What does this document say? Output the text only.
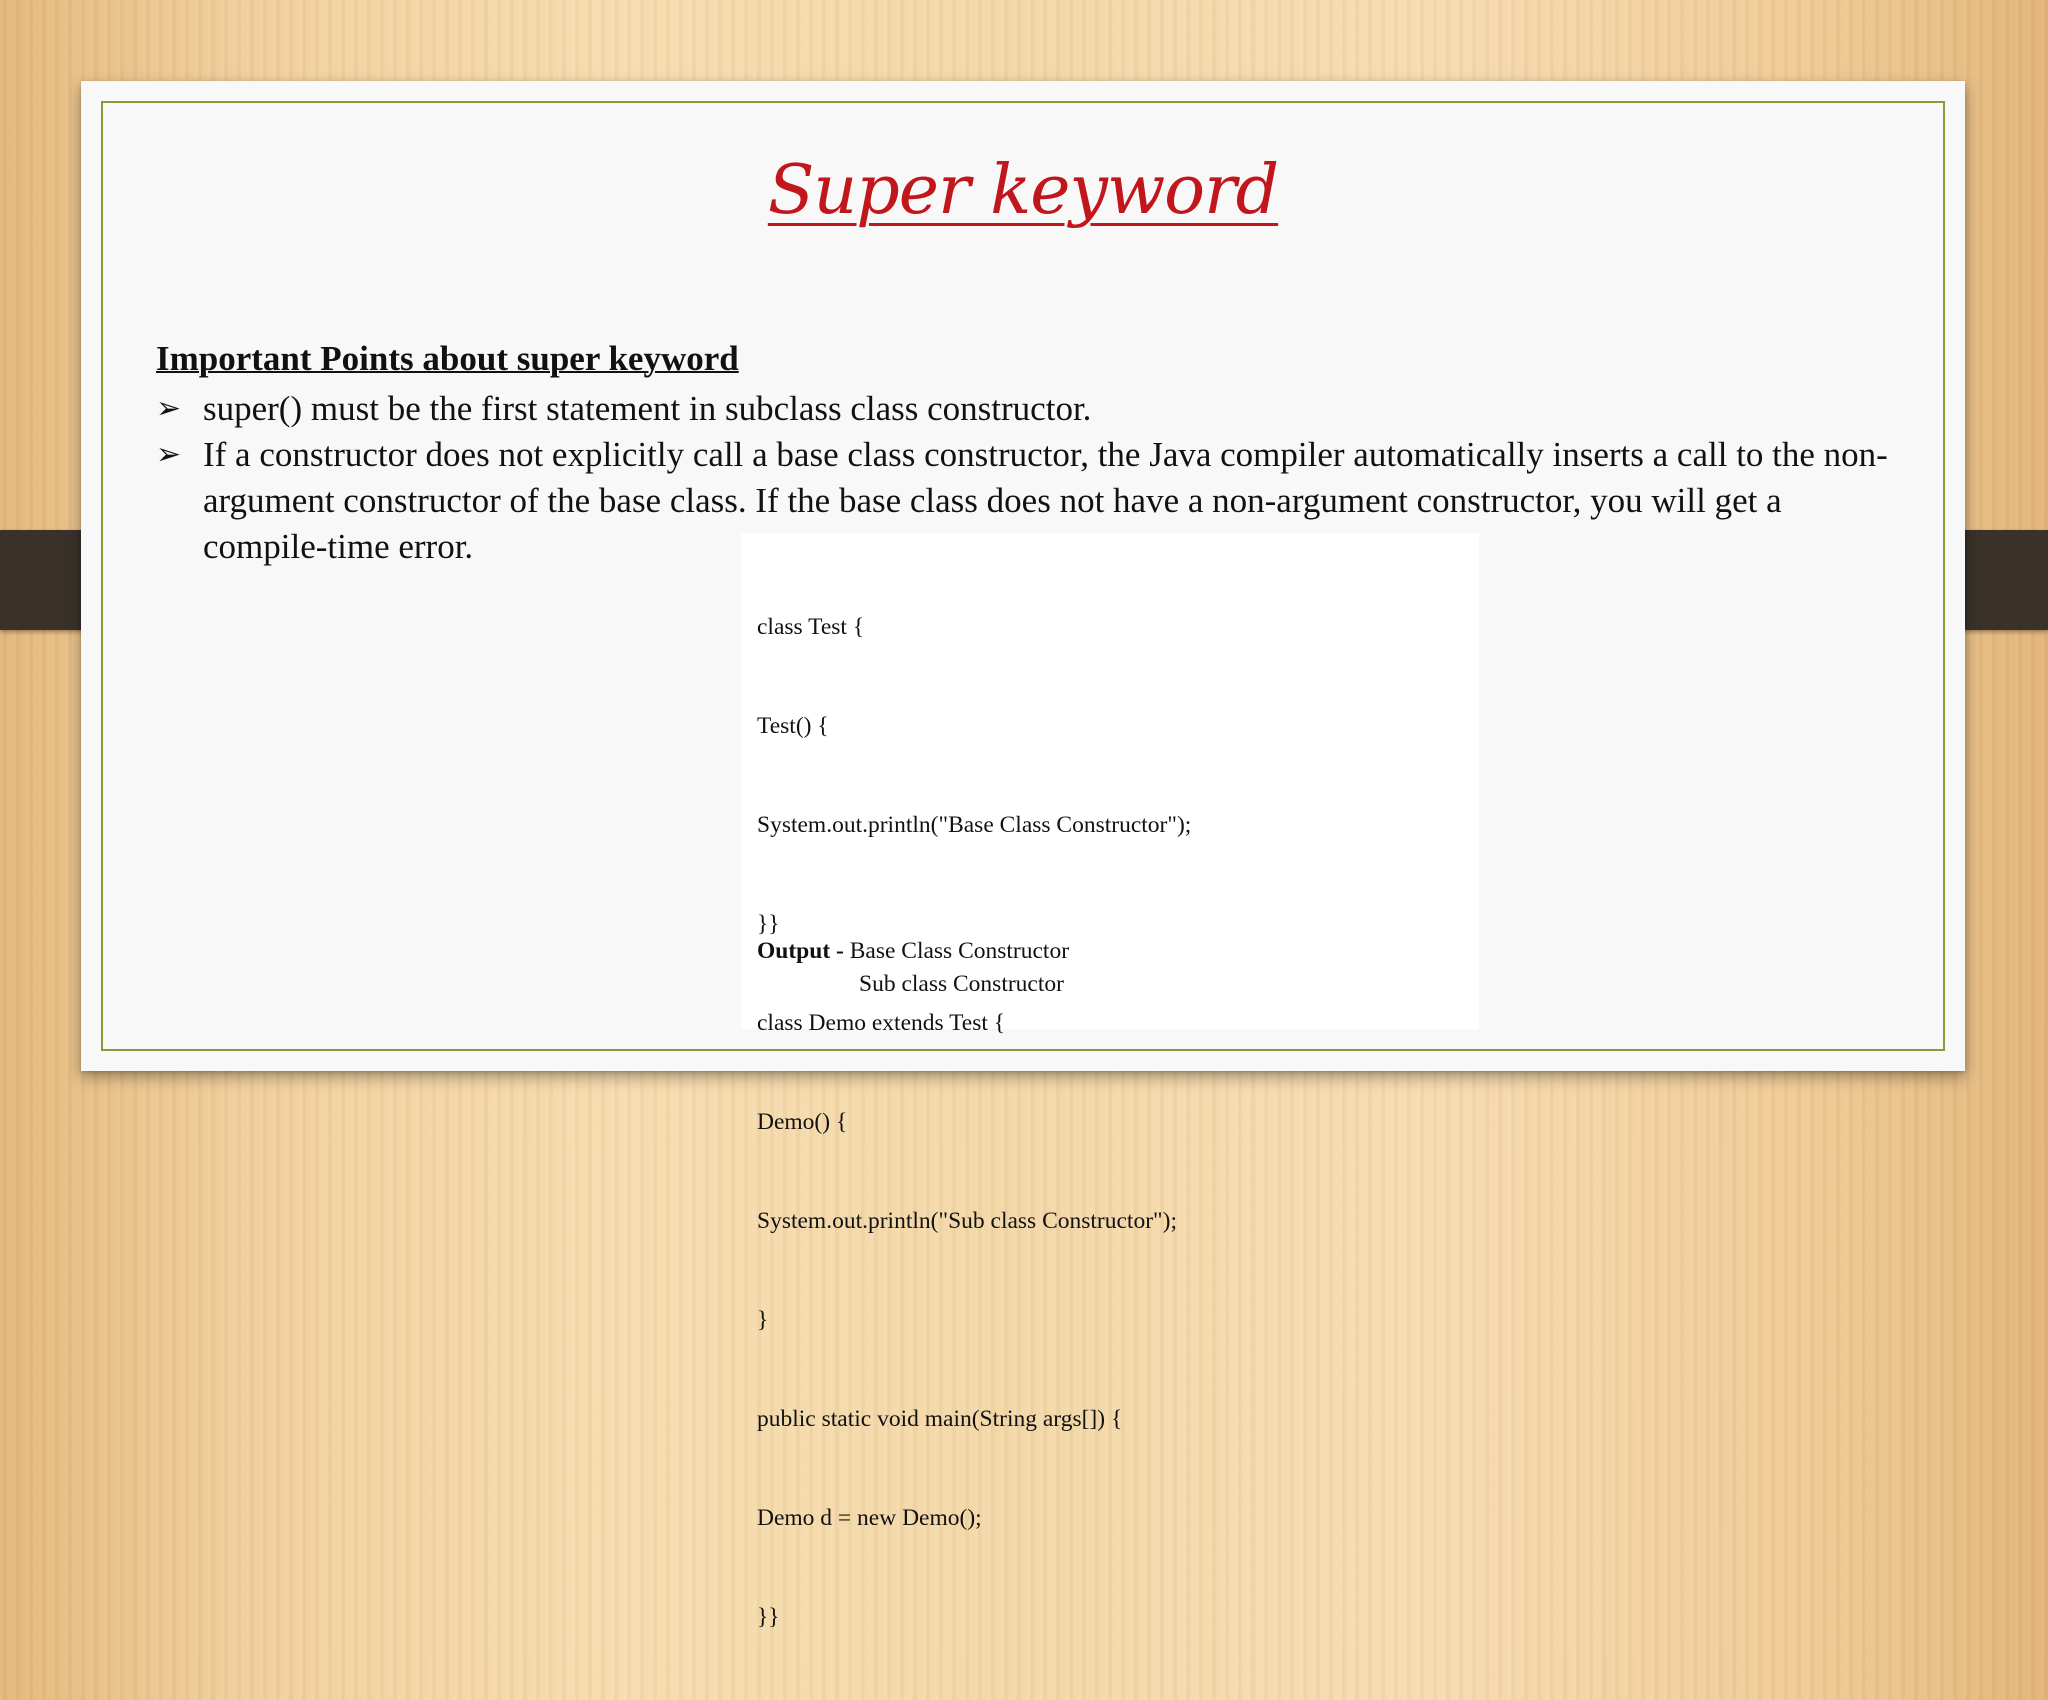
Super keyword
Important Points about super keyword
➢ super() must be the first statement in subclass class constructor.
➢ If a constructor does not explicitly call a base class constructor, the Java compiler automatically inserts a call to the non-argument constructor of the base class. If the base class does not have a non-argument constructor, you will get a compile-time error.

class Test {

Test() {

System.out.println("Base Class Constructor");

}}

class Demo extends Test {

Demo() {

System.out.println("Sub class Constructor");

}

public static void main(String args[]) {

Demo d = new Demo();

}}

Output - Base Class Constructor
Sub class Constructor
